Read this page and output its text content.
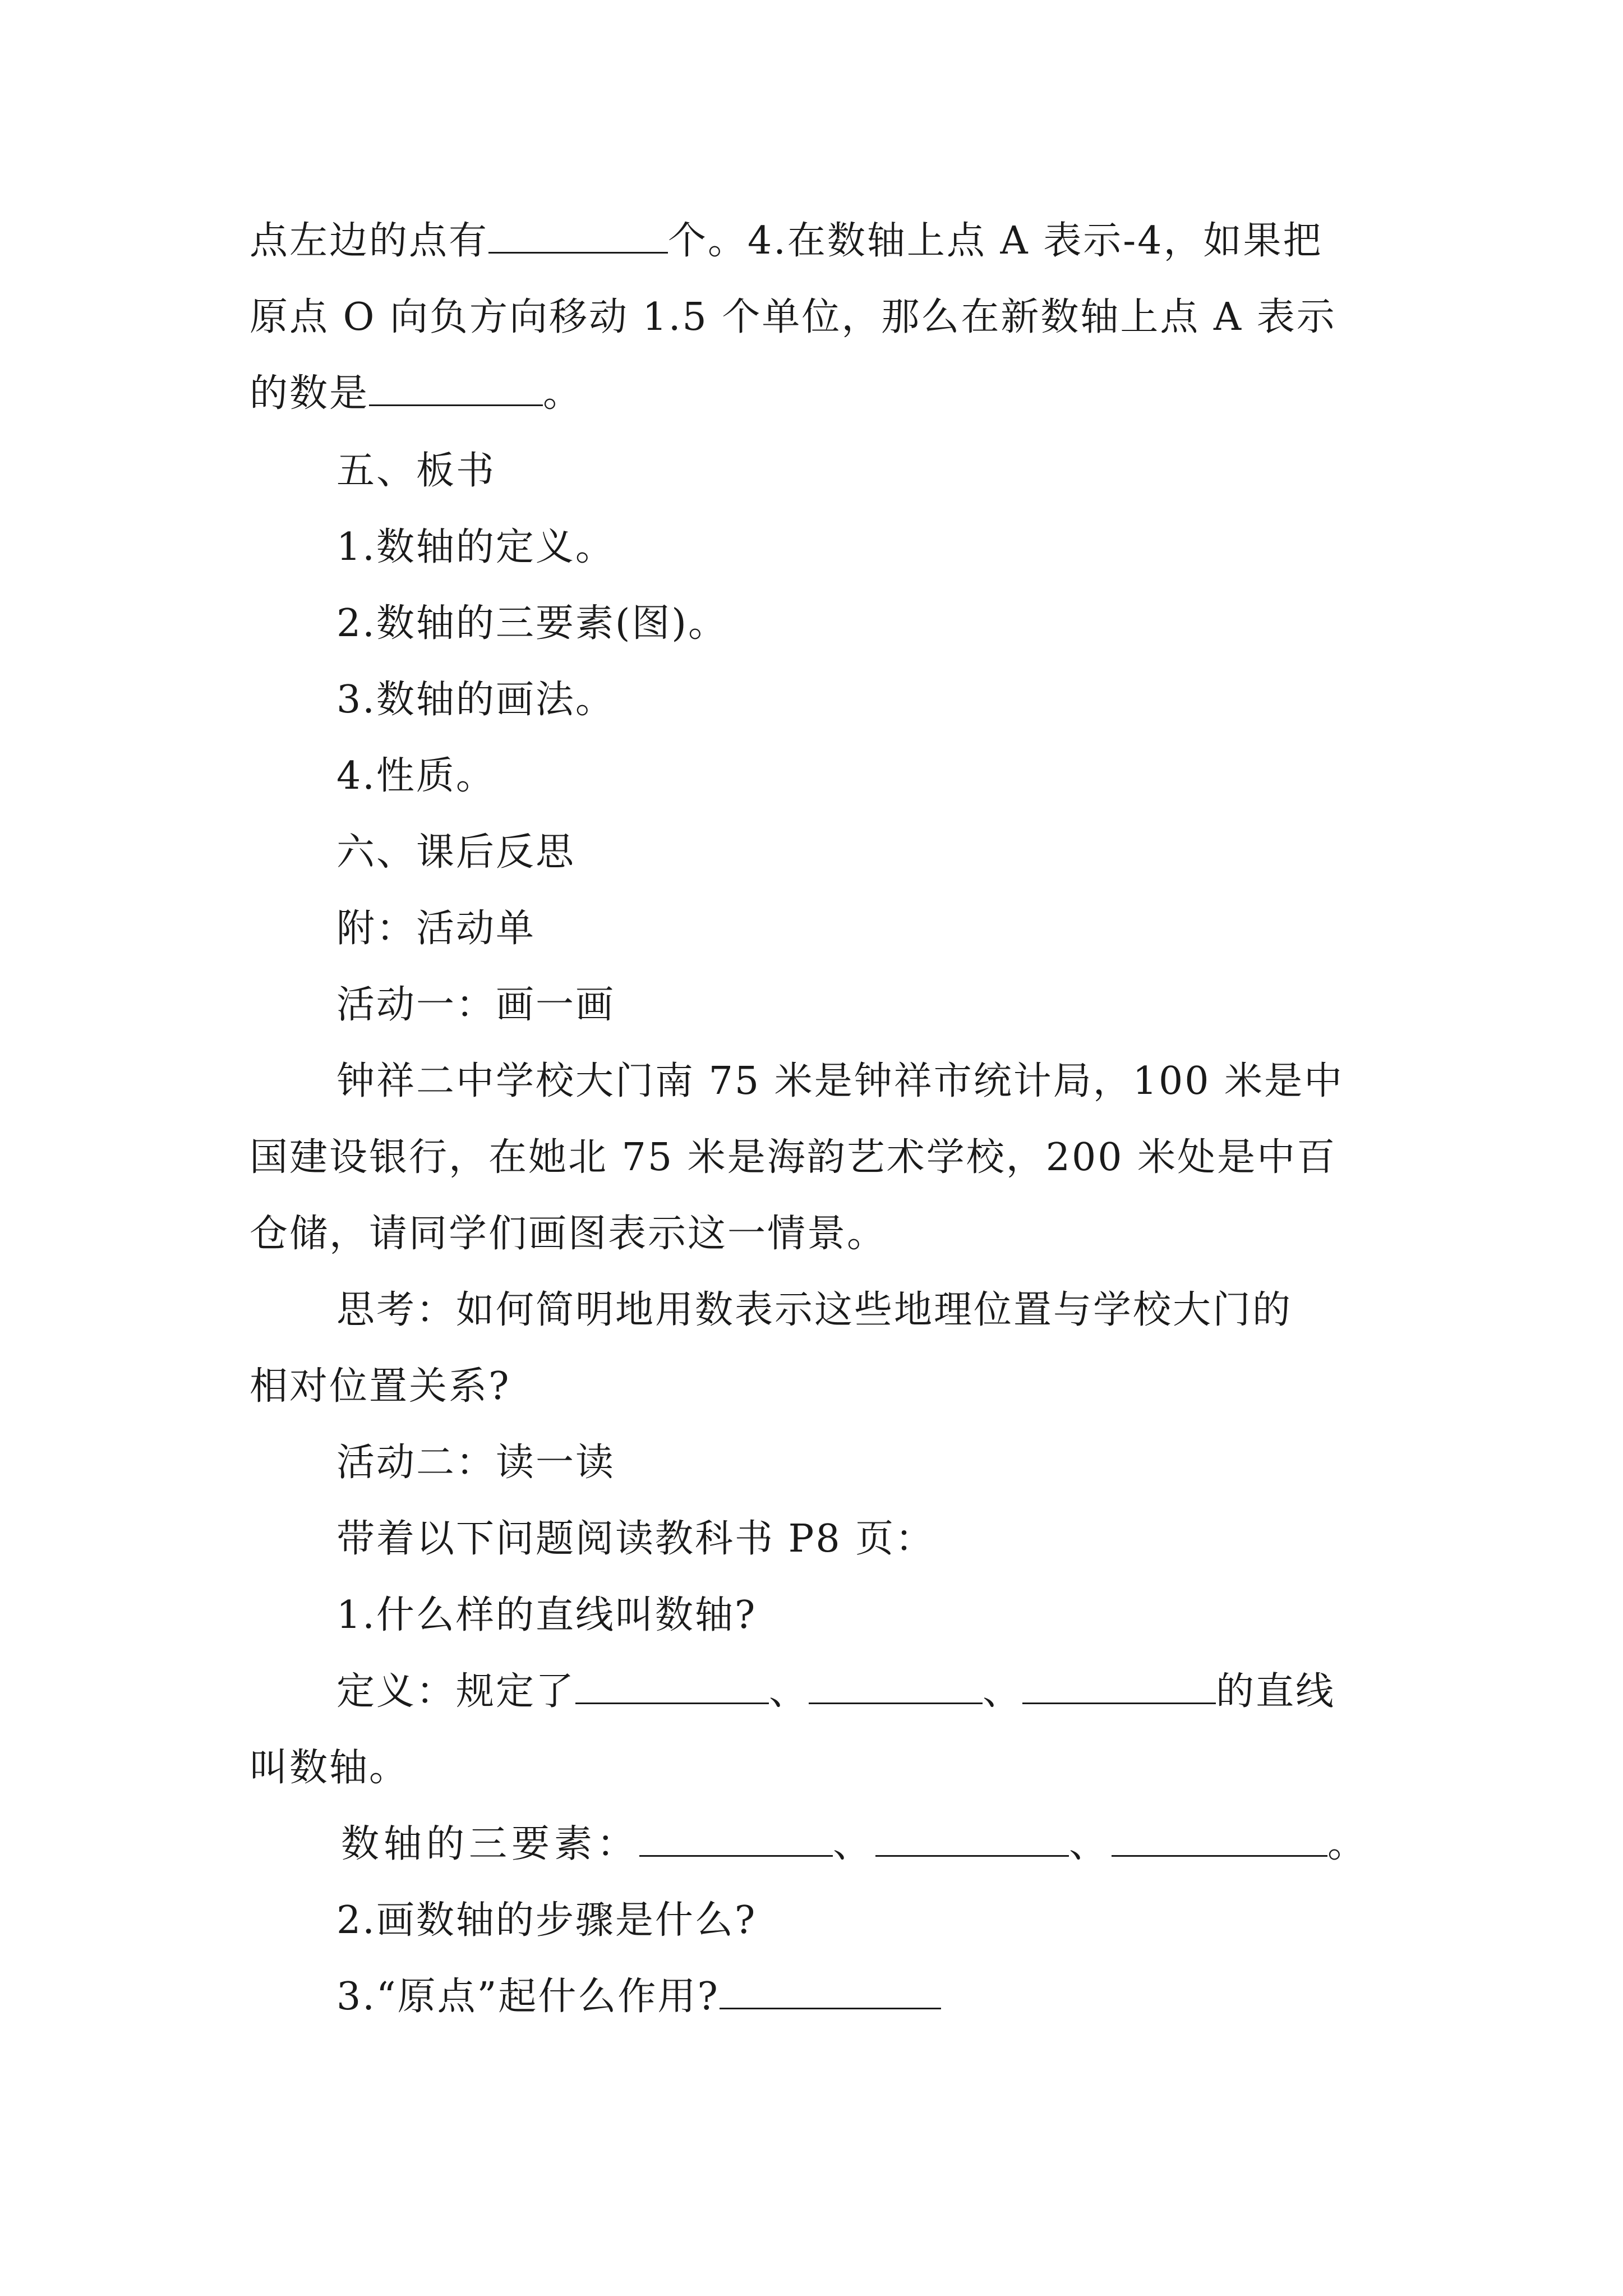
点左边的点有	个。4.在数轴上点 A 表示-4，如果把
原点 O 向负方向移动 1.5 个单位，那么在新数轴上点 A 表示
的数是	。
五、板书
1.数轴的定义。
2.数轴的三要素(图)。
3.数轴的画法。
4.性质。
六、课后反思
附：活动单
活动一：画一画
钟祥二中学校大门南 75 米是钟祥市统计局，100 米是中
国建设银行，在她北 75 米是海韵艺术学校，200 米处是中百
仓储，请同学们画图表示这一情景。
思考：如何简明地用数表示这些地理位置与学校大门的
相对位置关系?
活动二：读一读
带着以下问题阅读教科书 P8 页：
1.什么样的直线叫数轴?
定义：规定了	、	、	的直线
叫数轴。
数轴的三要素：	、	、	。
2.画数轴的步骤是什么?
3.“原点”起什么作用?
